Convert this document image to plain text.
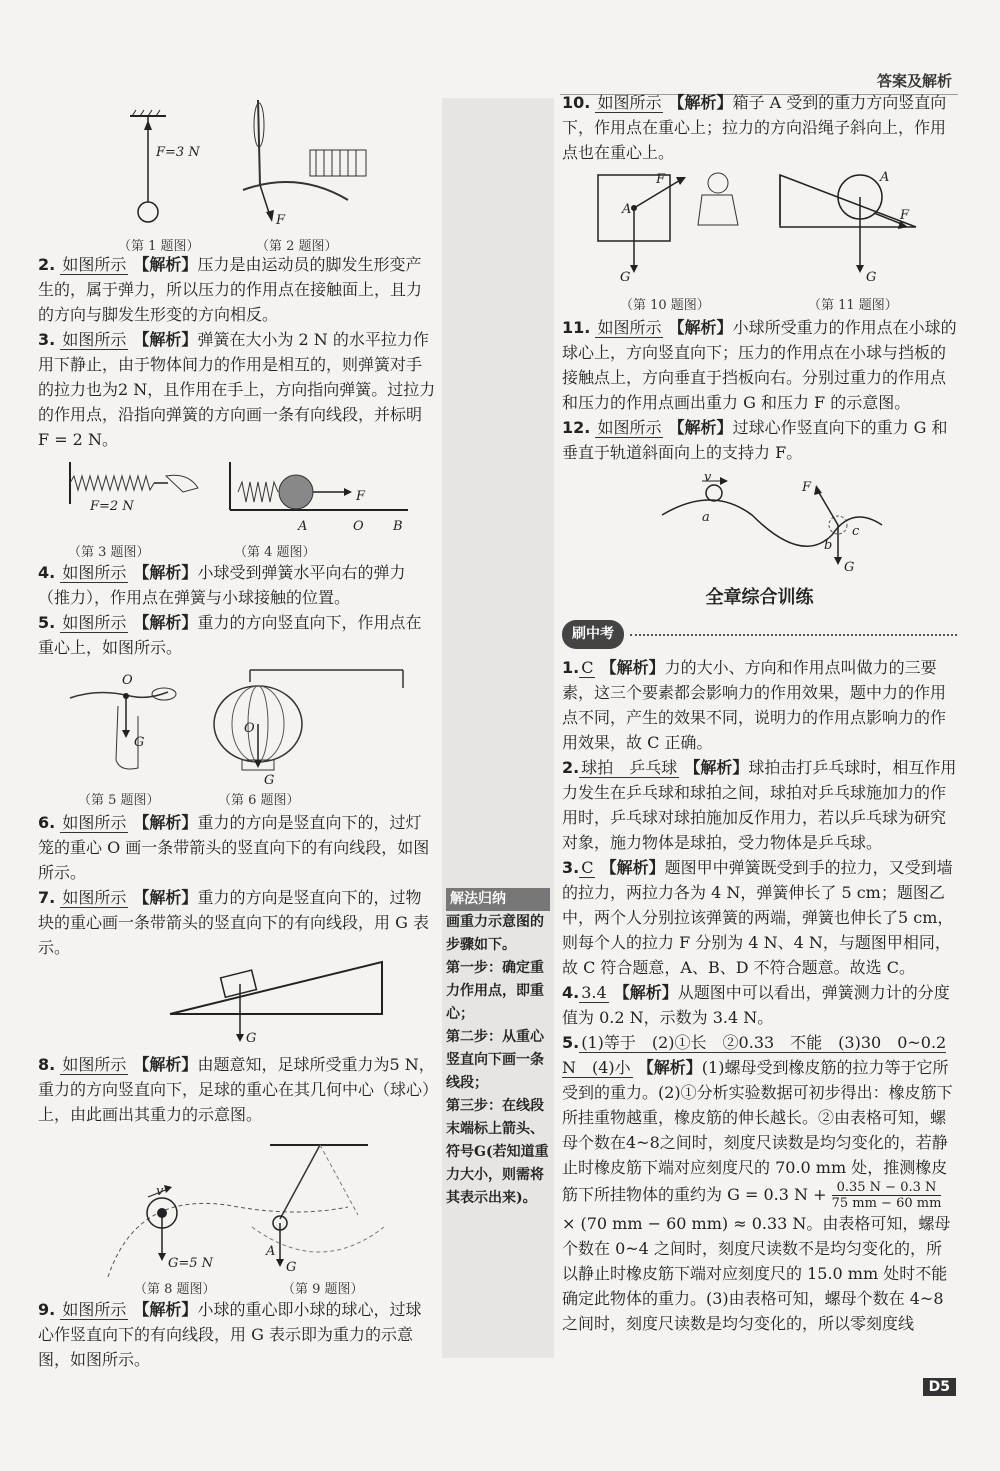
答案及解析
F=3 N
F
（第 1 题图）	（第 2 题图）

2. 如图所示 【解析】压力是由运动员的脚发生形变产生的，属于弹力，所以压力的作用点在接触面上，且力的方向与脚发生形变的方向相反。

3. 如图所示 【解析】弹簧在大小为 2 N 的水平拉力作用下静止，由于物体间力的作用是相互的，则弹簧对手的拉力也为2 N，且作用在手上，方向指向弹簧。过拉力的作用点，沿指向弹簧的方向画一条有向线段，并标明 F = 2 N。

F=2 N
F
A	O B
（第 3 题图）	（第 4 题图）

4. 如图所示 【解析】小球受到弹簧水平向右的弹力（推力），作用点在弹簧与小球接触的位置。

5. 如图所示 【解析】重力的方向竖直向下，作用点在重心上，如图所示。

O
G
O
G
（第 5 题图）	（第 6 题图）

6. 如图所示 【解析】重力的方向是竖直向下的，过灯笼的重心 O 画一条带箭头的竖直向下的有向线段，如图所示。

7. 如图所示 【解析】重力的方向是竖直向下的，过物块的重心画一条带箭头的竖直向下的有向线段，用 G 表示。

G

8. 如图所示 【解析】由题意知，足球所受重力为5 N，重力的方向竖直向下，足球的重心在其几何中心（球心）上，由此画出其重力的示意图。

v
G=5 N
A
G
（第 8 题图）	（第 9 题图）

9. 如图所示 【解析】小球的重心即小球的球心，过球心作竖直向下的有向线段，用 G 表示即为重力的示意图，如图所示。

解法归纳
画重力示意图的步骤如下。
第一步：确定重力作用点，即重心；
第二步：从重心竖直向下画一条线段；
第三步：在线段末端标上箭头、符号G(若知道重力大小，则需将其表示出来)。

10. 如图所示 【解析】箱子 A 受到的重力方向竖直向下，作用点在重心上；拉力的方向沿绳子斜向上，作用点也在重心上。

F
A
G
A
F
G
（第 10 题图）	（第 11 题图）

11. 如图所示 【解析】小球所受重力的作用点在小球的球心上，方向竖直向下；压力的作用点在小球与挡板的接触点上，方向垂直于挡板向右。分别过重力的作用点和压力的作用点画出重力 G 和压力 F 的示意图。

12. 如图所示 【解析】过球心作竖直向下的重力 G 和垂直于轨道斜面向上的支持力 F。

v
F
a
b
c
G
全章综合训练
刷中考

1. C 【解析】力的大小、方向和作用点叫做力的三要素，这三个要素都会影响力的作用效果，题中力的作用点不同，产生的效果不同，说明力的作用点影响力的作用效果，故 C 正确。

2. 球拍　乒乓球 【解析】球拍击打乒乓球时，相互作用力发生在乒乓球和球拍之间，球拍对乒乓球施加力的作用时，乒乓球对球拍施加反作用力，若以乒乓球为研究对象，施力物体是球拍，受力物体是乒乓球。

3. C 【解析】题图甲中弹簧既受到手的拉力，又受到墙的拉力，两拉力各为 4 N，弹簧伸长了 5 cm；题图乙中，两个人分别拉该弹簧的两端，弹簧也伸长了5 cm，则每个人的拉力 F 分别为 4 N、4 N，与题图甲相同，故 C 符合题意，A、B、D 不符合题意。故选 C。

4. 3.4 【解析】从题图中可以看出，弹簧测力计的分度值为 0.2 N，示数为 3.4 N。

5. (1)等于　(2)①长　②0.33　不能　(3)30　0~0.2 N　(4)小 【解析】(1)螺母受到橡皮筋的拉力等于它所受到的重力。(2)①分析实验数据可初步得出：橡皮筋下所挂重物越重，橡皮筋的伸长越长。②由表格可知，螺母个数在4~8之间时，刻度尺读数是均匀变化的，若静止时橡皮筋下端对应刻度尺的 70.0 mm 处，推测橡皮筋下所挂物体的重约为 G = 0.3 $N + \frac{0.35 N - 0.3 N}{75 mm - 60 mm}$
× (70 mm − 60 mm) ≈ 0.33 N。由表格可知，螺母个数在 0~4 之间时，刻度尺读数不是均匀变化的，所以静止时橡皮筋下端对应刻度尺的 15.0 mm 处时不能确定此物体的重力。(3)由表格可知，螺母个数在 4~8 之间时，刻度尺读数是均匀变化的，所以零刻度线

D5
